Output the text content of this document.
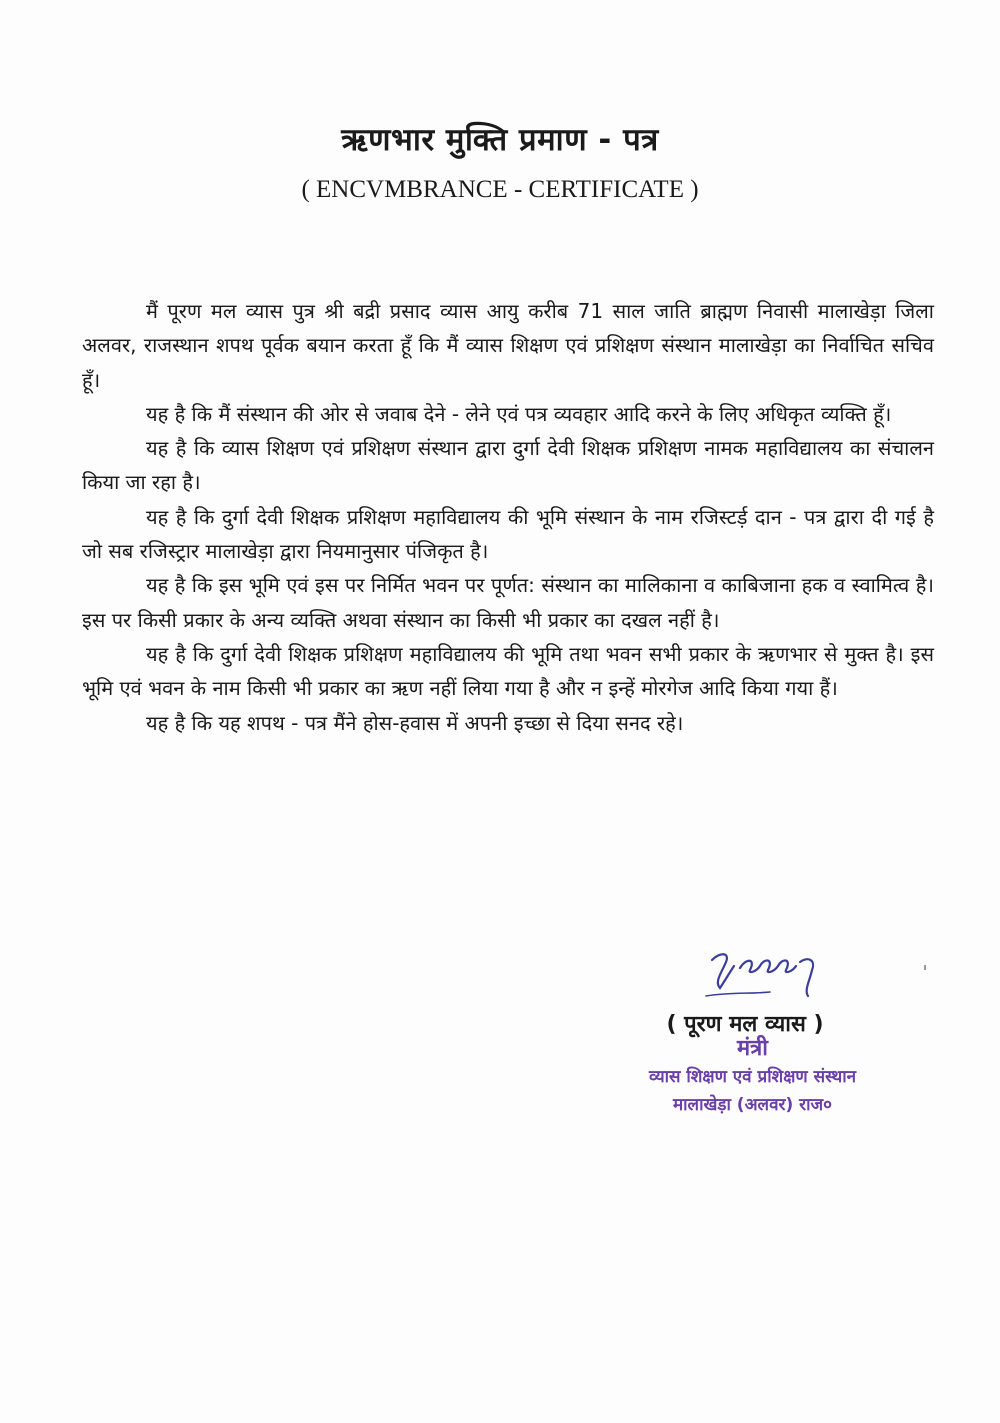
ऋणभार मुक्ति प्रमाण - पत्र
( ENCVMBRANCE - CERTIFICATE )

मैं पूरण मल व्यास पुत्र श्री बद्री प्रसाद व्यास आयु करीब 71 साल जाति ब्राह्मण निवासी मालाखेड़ा जिला अलवर, राजस्थान शपथ पूर्वक बयान करता हूँ कि मैं व्यास शिक्षण एवं प्रशिक्षण संस्थान मालाखेड़ा का निर्वाचित सचिव हूँ।

यह है कि मैं संस्थान की ओर से जवाब देने - लेने एवं पत्र व्यवहार आदि करने के लिए अधिकृत व्यक्ति हूँ।

यह है कि व्यास शिक्षण एवं प्रशिक्षण संस्थान द्वारा दुर्गा देवी शिक्षक प्रशिक्षण नामक महाविद्यालय का संचालन किया जा रहा है।

यह है कि दुर्गा देवी शिक्षक प्रशिक्षण महाविद्यालय की भूमि संस्थान के नाम रजिस्टर्ड़ दान - पत्र द्वारा दी गई है जो सब रजिस्ट्रार मालाखेड़ा द्वारा नियमानुसार पंजिकृत है।

यह है कि इस भूमि एवं इस पर निर्मित भवन पर पूर्णत: संस्थान का मालिकाना व काबिजाना हक व स्वामित्व है। इस पर किसी प्रकार के अन्य व्यक्ति अथवा संस्थान का किसी भी प्रकार का दखल नहीं है।

यह है कि दुर्गा देवी शिक्षक प्रशिक्षण महाविद्यालय की भूमि तथा भवन सभी प्रकार के ऋणभार से मुक्त है। इस भूमि एवं भवन के नाम किसी भी प्रकार का ऋण नहीं लिया गया है और न इन्हें मोरगेज आदि किया गया हैं।

यह है कि यह शपथ - पत्र मैंने होस-हवास में अपनी इच्छा से दिया सनद रहे।

( पूरण मल व्यास )
मंत्री
व्यास शिक्षण एवं प्रशिक्षण संस्थान
मालाखेड़ा (अलवर) राज०
